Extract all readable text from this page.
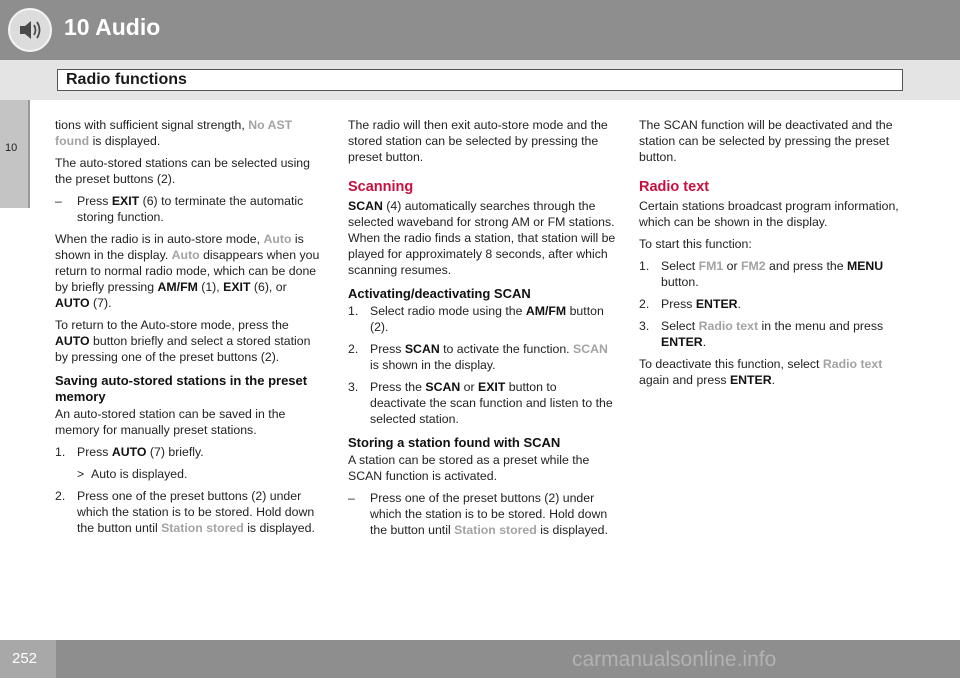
10 Audio
Radio functions
10

tions with sufficient signal strength, No AST found is displayed.

The auto-stored stations can be selected using the preset buttons (2).

–	Press EXIT (6) to terminate the automatic storing function.

When the radio is in auto-store mode, Auto is shown in the display. Auto disappears when you return to normal radio mode, which can be done by briefly pressing AM/FM (1), EXIT (6), or AUTO (7).

To return to the Auto-store mode, press the AUTO button briefly and select a stored station by pressing one of the preset buttons (2).

Saving auto-stored stations in the preset memory

An auto-stored station can be saved in the memory for manually preset stations.

1. Press AUTO (7) briefly.
> Auto is displayed.
2. Press one of the preset buttons (2) under which the station is to be stored. Hold down the button until Station stored is displayed.

The radio will then exit auto-store mode and the stored station can be selected by pressing the preset button.

Scanning

SCAN (4) automatically searches through the selected waveband for strong AM or FM stations. When the radio finds a station, that station will be played for approximately 8 seconds, after which scanning resumes.

Activating/deactivating SCAN
1. Select radio mode using the AM/FM button (2).
2. Press SCAN to activate the function. SCAN is shown in the display.
3. Press the SCAN or EXIT button to deactivate the scan function and listen to the selected station.
Storing a station found with SCAN

A station can be stored as a preset while the SCAN function is activated.

–	Press one of the preset buttons (2) under which the station is to be stored. Hold down the button until Station stored is displayed.

The SCAN function will be deactivated and the station can be selected by pressing the preset button.

Radio text

Certain stations broadcast program information, which can be shown in the display.

To start this function:

1. Select FM1 or FM2 and press the MENU button.
2. Press ENTER.
3. Select Radio text in the menu and press ENTER.

To deactivate this function, select Radio text again and press ENTER.

252	carmanualsonline.info
